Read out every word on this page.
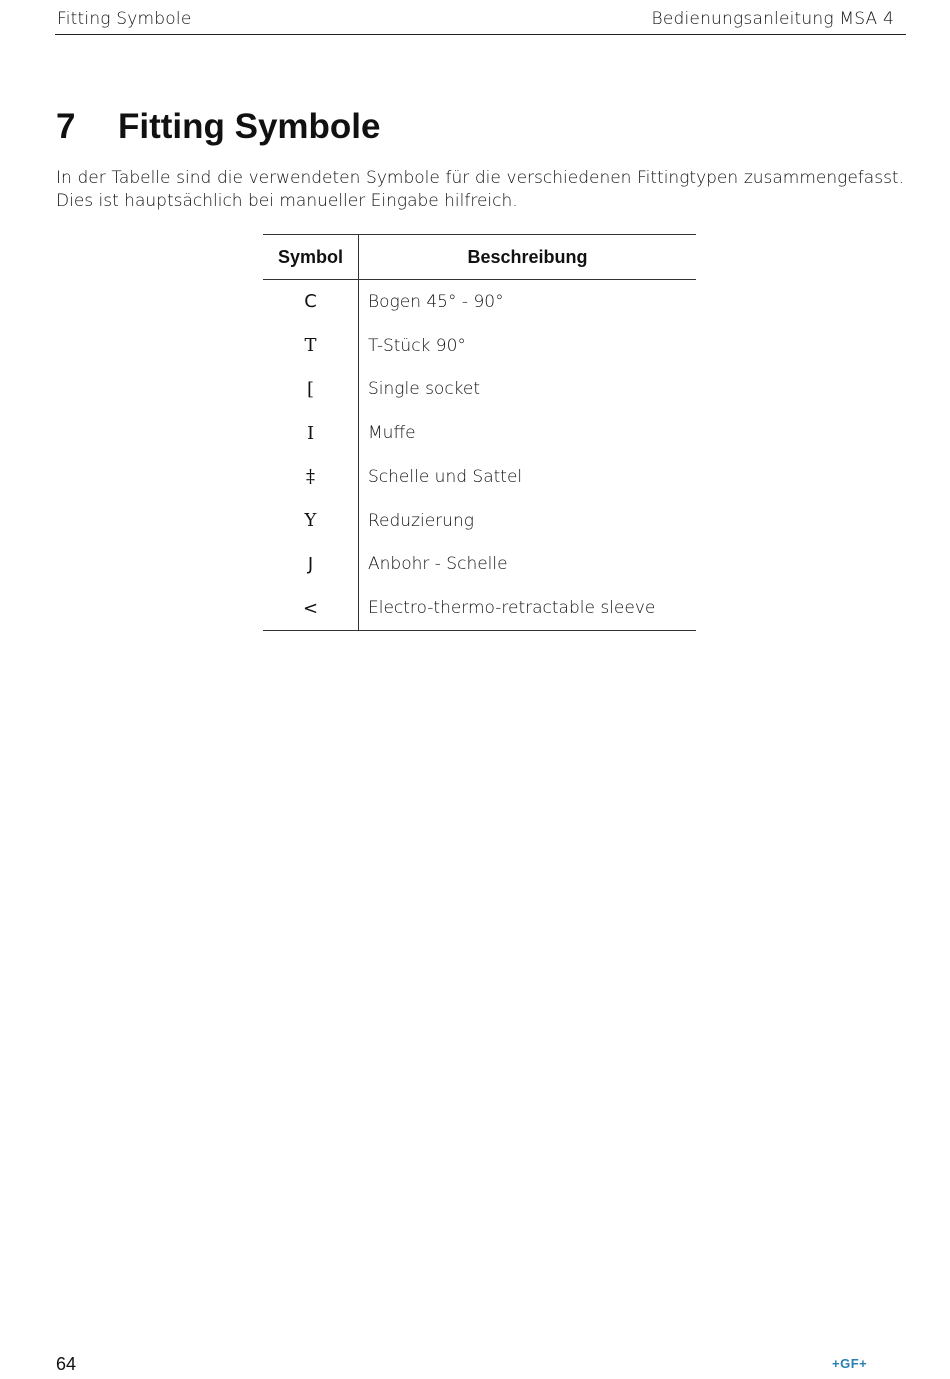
Fitting Symbole	Bedienungsanleitung MSA 4
7 Fitting Symbole

In der Tabelle sind die verwendeten Symbole für die verschiedenen Fittingtypen zusammengefasst. Dies ist hauptsächlich bei manueller Eingabe hilfreich.

Symbol	Beschreibung
C	Bogen 45° - 90°
T	T-Stück 90°
[	Single socket
I	Muffe
‡	Schelle und Sattel
Y	Reduzierung
J	Anbohr - Schelle
<	Electro-thermo-retractable sleeve
64	+GF+
